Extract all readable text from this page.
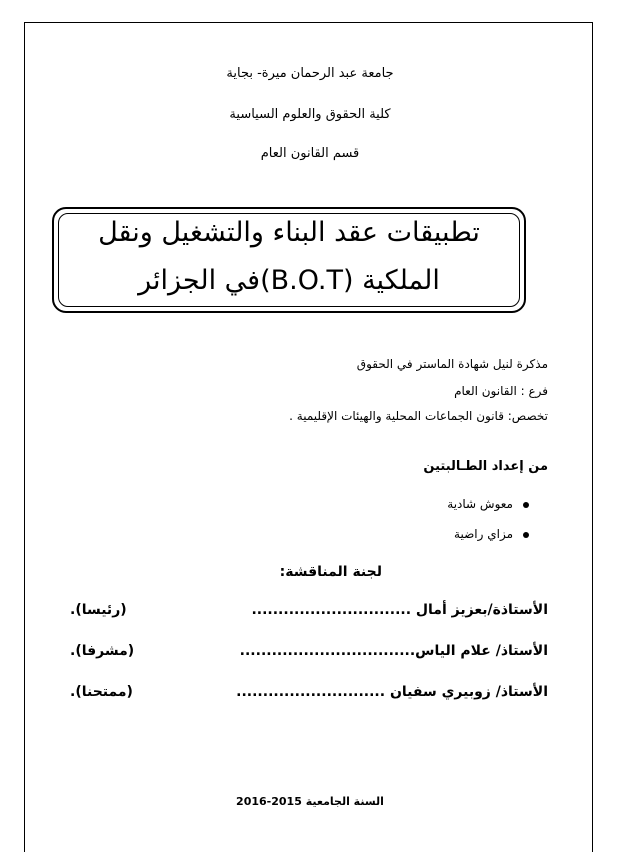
جامعة عبد الرحمان ميرة- بجاية
كلية الحقوق والعلوم السياسية
قسم القانون العام
تطبيقات عقد البناء والتشغيل ونقل
الملكية (B.O.T)في الجزائر
مذكرة لنيل شهادة الماستر في الحقوق
فرع : القانون العام
تخصص: قانون الجماعات المحلية والهيئات الإقليمية .
من إعداد الطـالبتين
معوش شادية
مزاي راضية
لجنة المناقشة:
الأستاذة/بعزيز أمال ..............................
(رئيسا).
الأستاذ/ علام الياس.................................
(مشرفا).
الأستاذ/ زوبيري سفيان ............................
(ممتحنا).
السنة الجامعية 2015-2016
